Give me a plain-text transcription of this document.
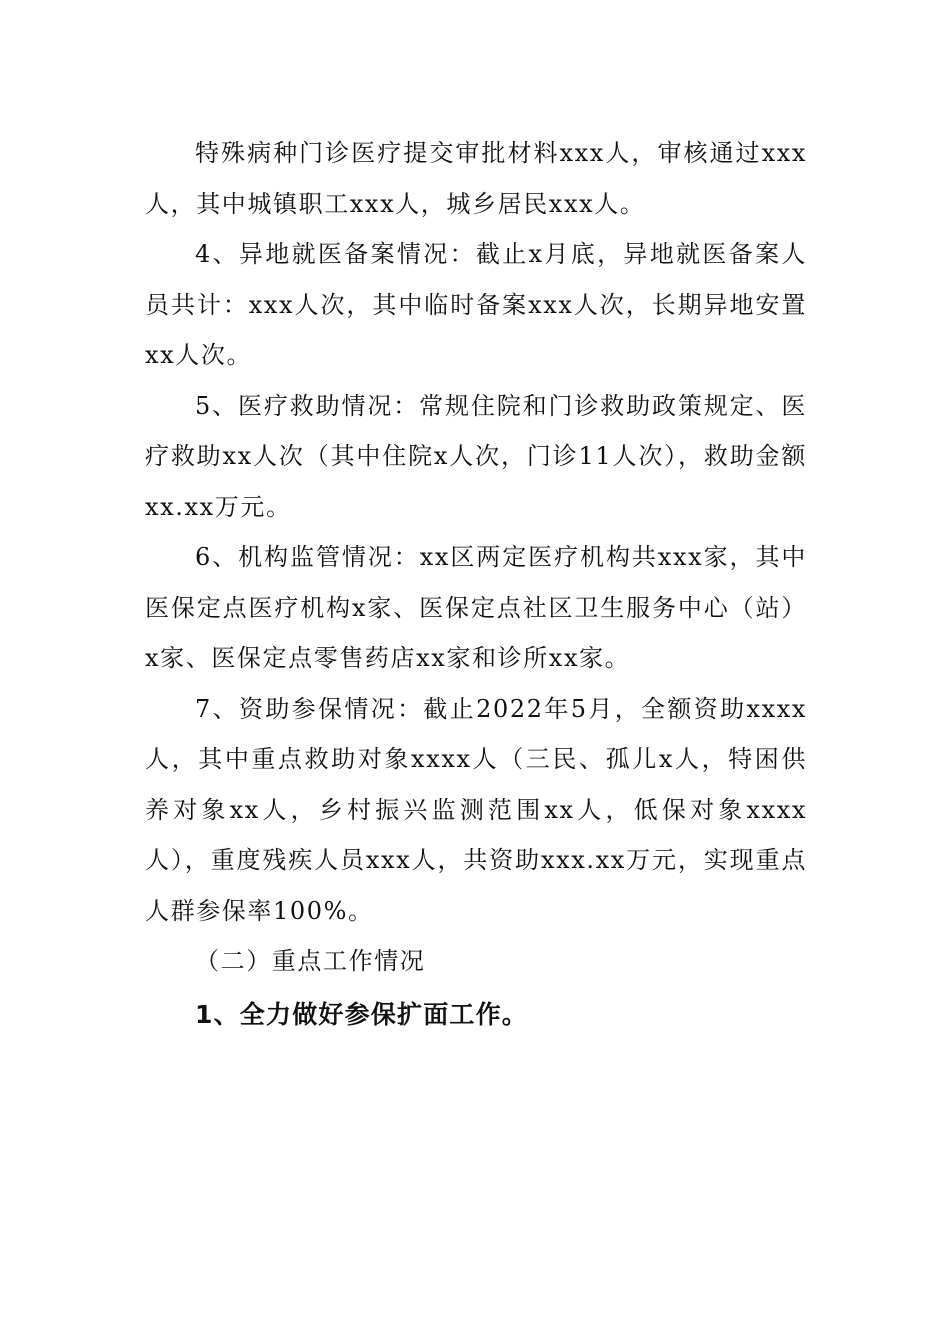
特殊病种门诊医疗提交审批材料xxx人，审核通过xxx人，其中城镇职工xxx人，城乡居民xxx人。

4、异地就医备案情况：截止x月底，异地就医备案人员共计：xxx人次，其中临时备案xxx人次，长期异地安置xx人次。

5、医疗救助情况：常规住院和门诊救助政策规定、医疗救助xx人次（其中住院x人次，门诊11人次），救助金额xx.xx万元。

6、机构监管情况：xx区两定医疗机构共xxx家，其中医保定点医疗机构x家、医保定点社区卫生服务中心（站）x家、医保定点零售药店xx家和诊所xx家。

7、资助参保情况：截止2022年5月，全额资助xxxx人，其中重点救助对象xxxx人（三民、孤儿x人，特困供养对象xx人，乡村振兴监测范围xx人，低保对象xxxx人），重度残疾人员xxx人，共资助xxx.xx万元，实现重点人群参保率100%。

（二）重点工作情况

1、全力做好参保扩面工作。
